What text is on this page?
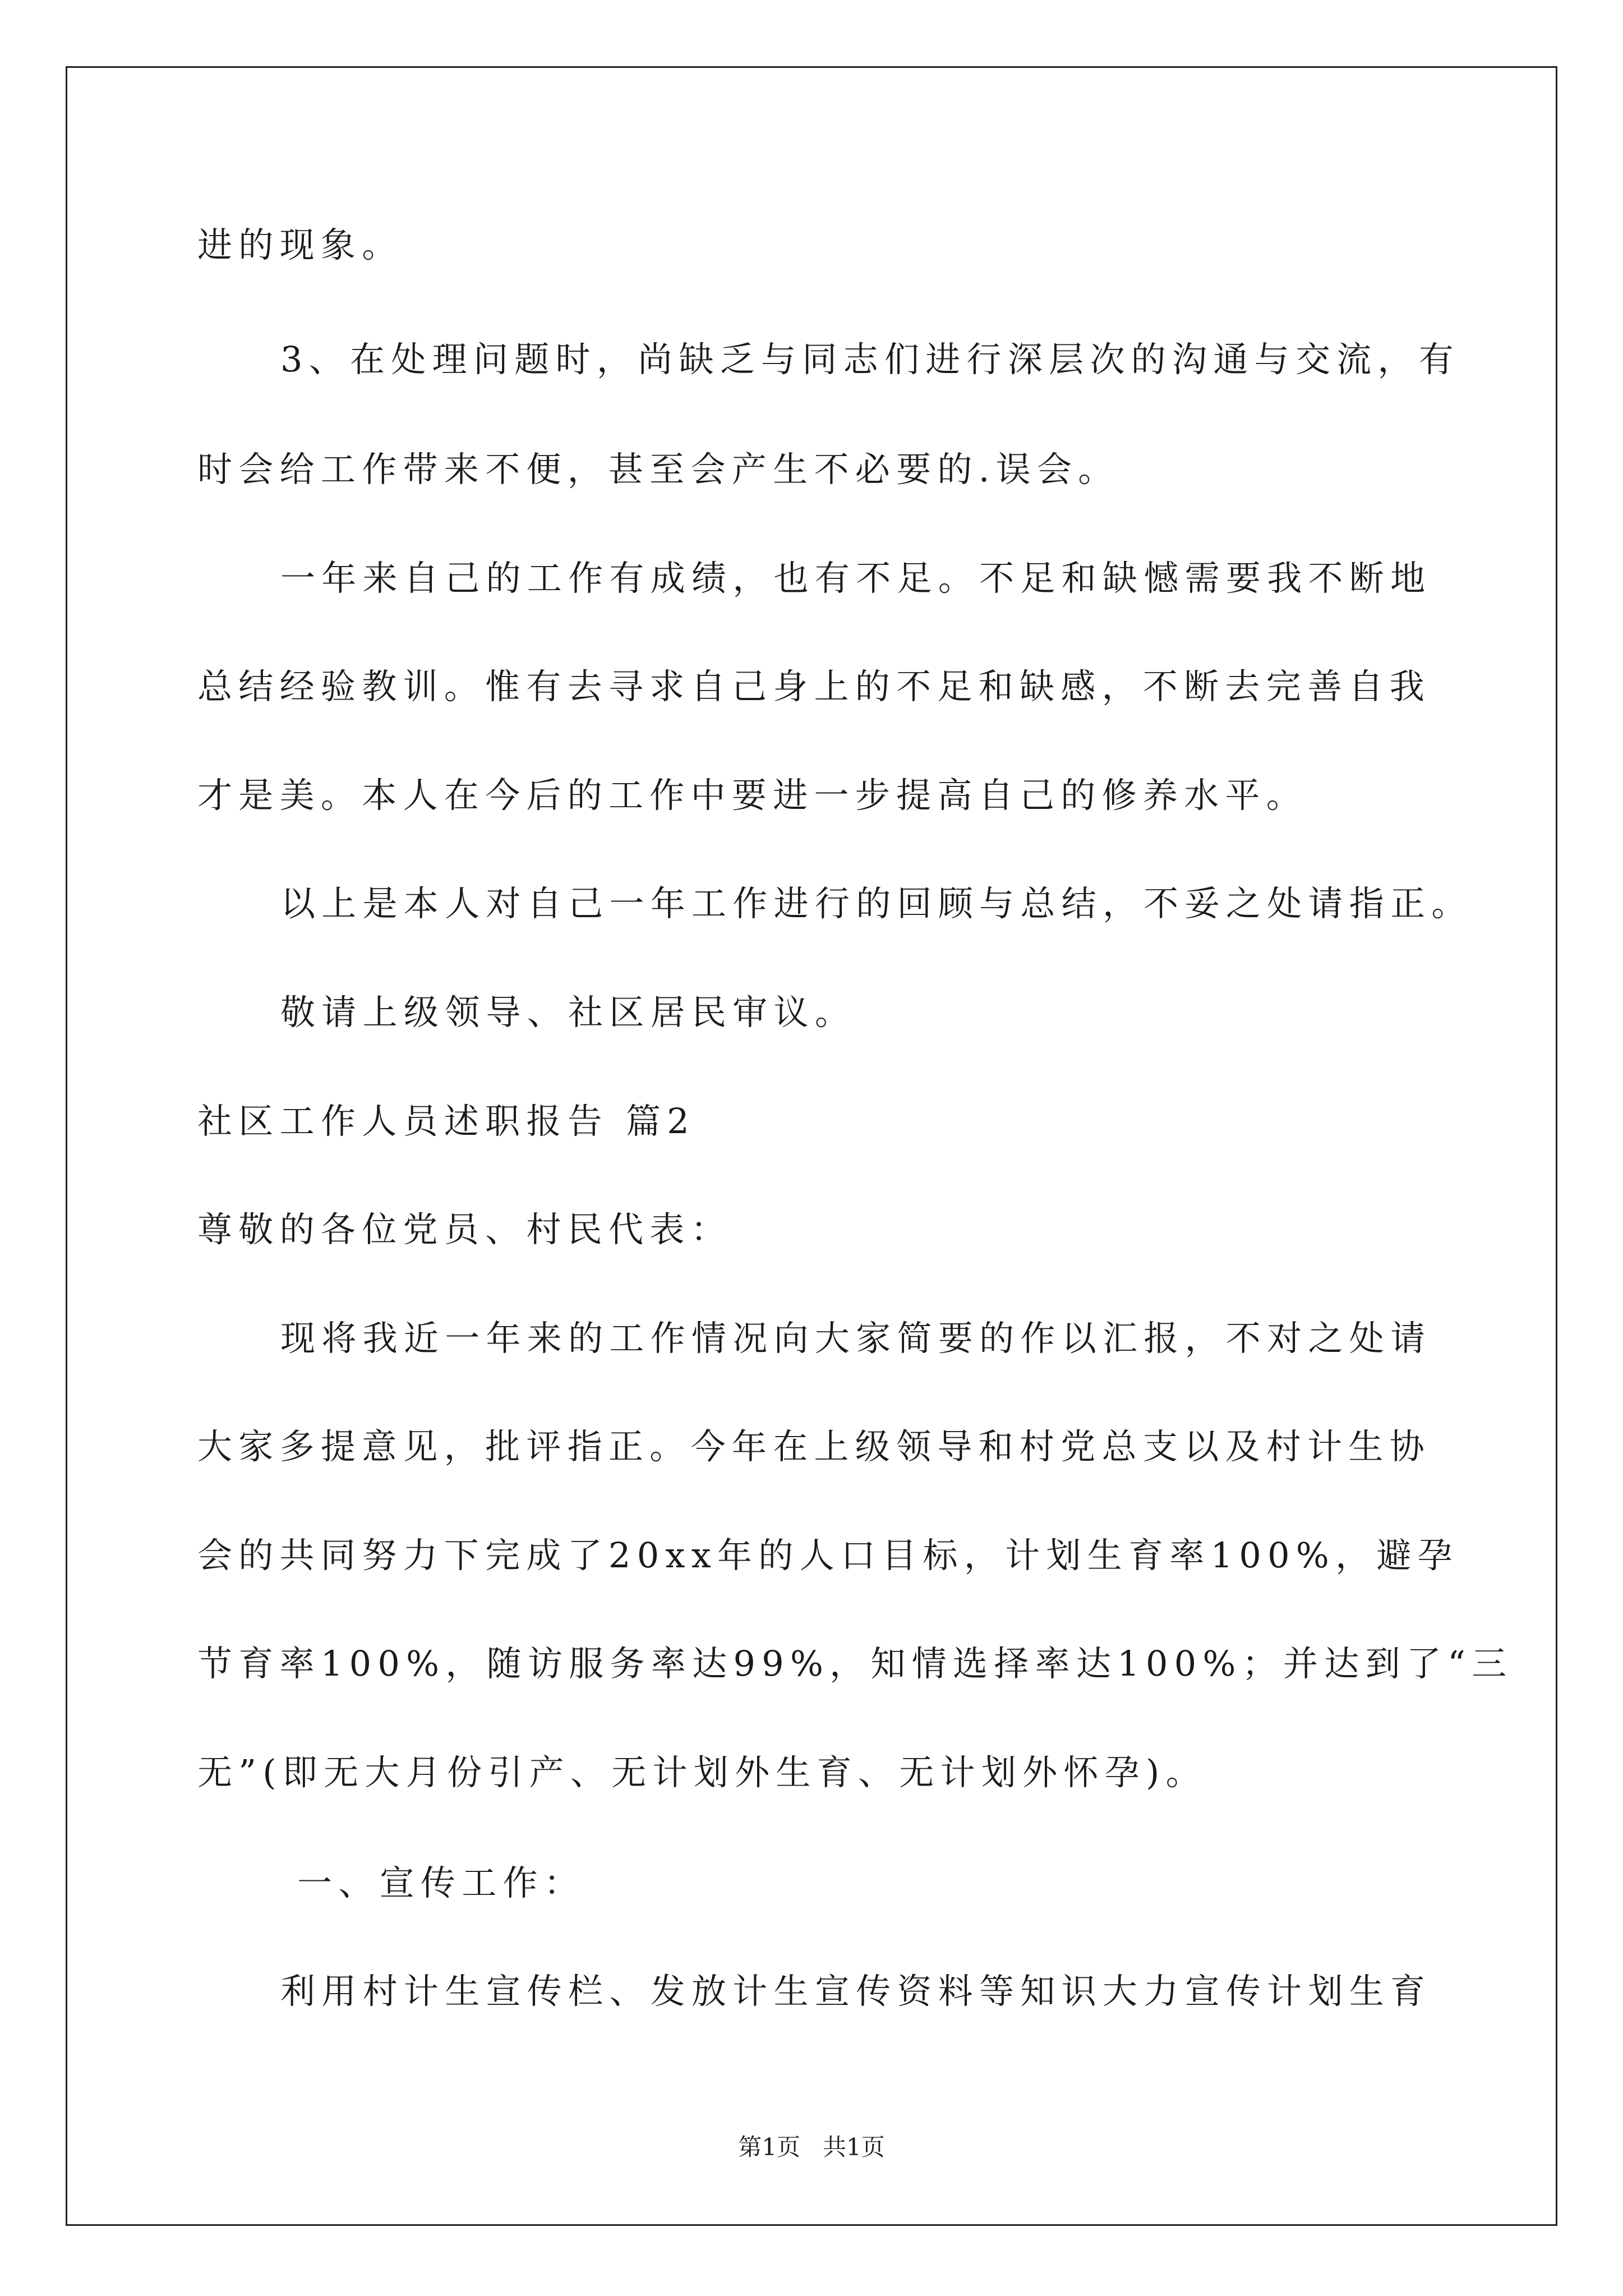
进的现象。

3、在处理问题时，尚缺乏与同志们进行深层次的沟通与交流，有

时会给工作带来不便，甚至会产生不必要的.误会。

一年来自己的工作有成绩，也有不足。不足和缺憾需要我不断地

总结经验教训。惟有去寻求自己身上的不足和缺感，不断去完善自我

才是美。本人在今后的工作中要进一步提高自己的修养水平。

以上是本人对自己一年工作进行的回顾与总结，不妥之处请指正。

敬请上级领导、社区居民审议。

社区工作人员述职报告 篇2

尊敬的各位党员、村民代表：

现将我近一年来的工作情况向大家简要的作以汇报，不对之处请

大家多提意见，批评指正。今年在上级领导和村党总支以及村计生协

会的共同努力下完成了20xx年的人口目标，计划生育率100%，避孕

节育率100%，随访服务率达99%，知情选择率达100%；并达到了“三

无”(即无大月份引产、无计划外生育、无计划外怀孕)。

一、宣传工作：

利用村计生宣传栏、发放计生宣传资料等知识大力宣传计划生育

第1页   共1页
